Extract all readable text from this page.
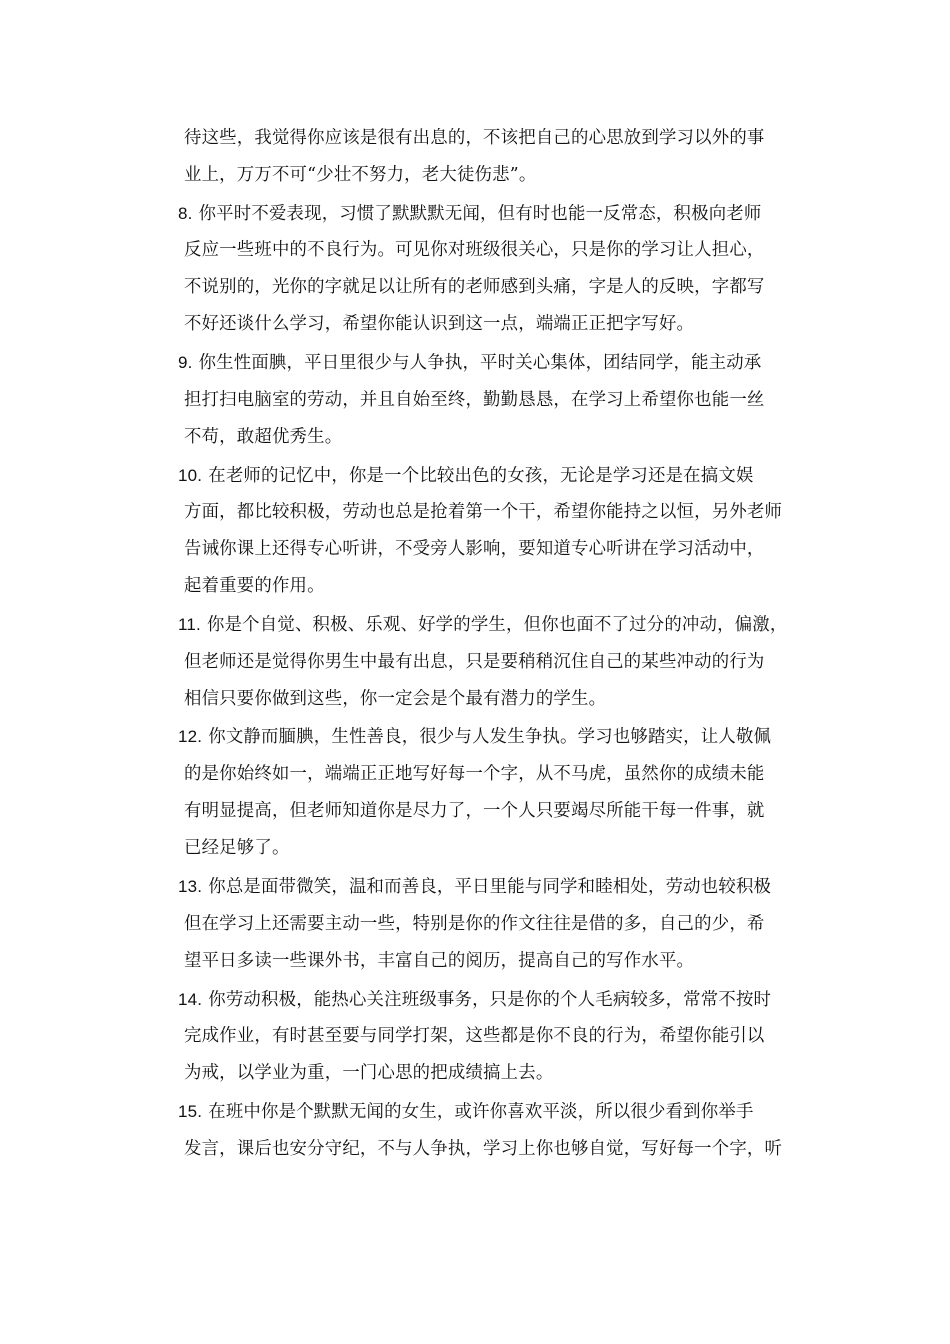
待这些，我觉得你应该是很有出息的，不该把自己的心思放到学习以外的事
业上，万万不可“少壮不努力，老大徒伤悲”。
8. 你平时不爱表现，习惯了默默默无闻，但有时也能一反常态，积极向老师
反应一些班中的不良行为。可见你对班级很关心，只是你的学习让人担心，
不说别的，光你的字就足以让所有的老师感到头痛，字是人的反映，字都写
不好还谈什么学习，希望你能认识到这一点，端端正正把字写好。
9. 你生性面腆，平日里很少与人争执，平时关心集体，团结同学，能主动承
担打扫电脑室的劳动，并且自始至终，勤勤恳恳，在学习上希望你也能一丝
不苟，敢超优秀生。
10. 在老师的记忆中，你是一个比较出色的女孩，无论是学习还是在搞文娱
方面，都比较积极，劳动也总是抢着第一个干，希望你能持之以恒，另外老师
告诫你课上还得专心听讲，不受旁人影响，要知道专心听讲在学习活动中，
起着重要的作用。
11. 你是个自觉、积极、乐观、好学的学生，但你也面不了过分的冲动，偏激，
但老师还是觉得你男生中最有出息，只是要稍稍沉住自己的某些冲动的行为
相信只要你做到这些，你一定会是个最有潜力的学生。
12. 你文静而腼腆，生性善良，很少与人发生争执。学习也够踏实，让人敬佩
的是你始终如一，端端正正地写好每一个字，从不马虎，虽然你的成绩未能
有明显提高，但老师知道你是尽力了，一个人只要竭尽所能干每一件事，就
已经足够了。
13. 你总是面带微笑，温和而善良，平日里能与同学和睦相处，劳动也较积极
但在学习上还需要主动一些，特别是你的作文往往是借的多，自己的少，希
望平日多读一些课外书，丰富自己的阅历，提高自己的写作水平。
14. 你劳动积极，能热心关注班级事务，只是你的个人毛病较多，常常不按时
完成作业，有时甚至要与同学打架，这些都是你不良的行为，希望你能引以
为戒，以学业为重，一门心思的把成绩搞上去。
15. 在班中你是个默默无闻的女生，或许你喜欢平淡，所以很少看到你举手
发言，课后也安分守纪，不与人争执，学习上你也够自觉，写好每一个字，听
